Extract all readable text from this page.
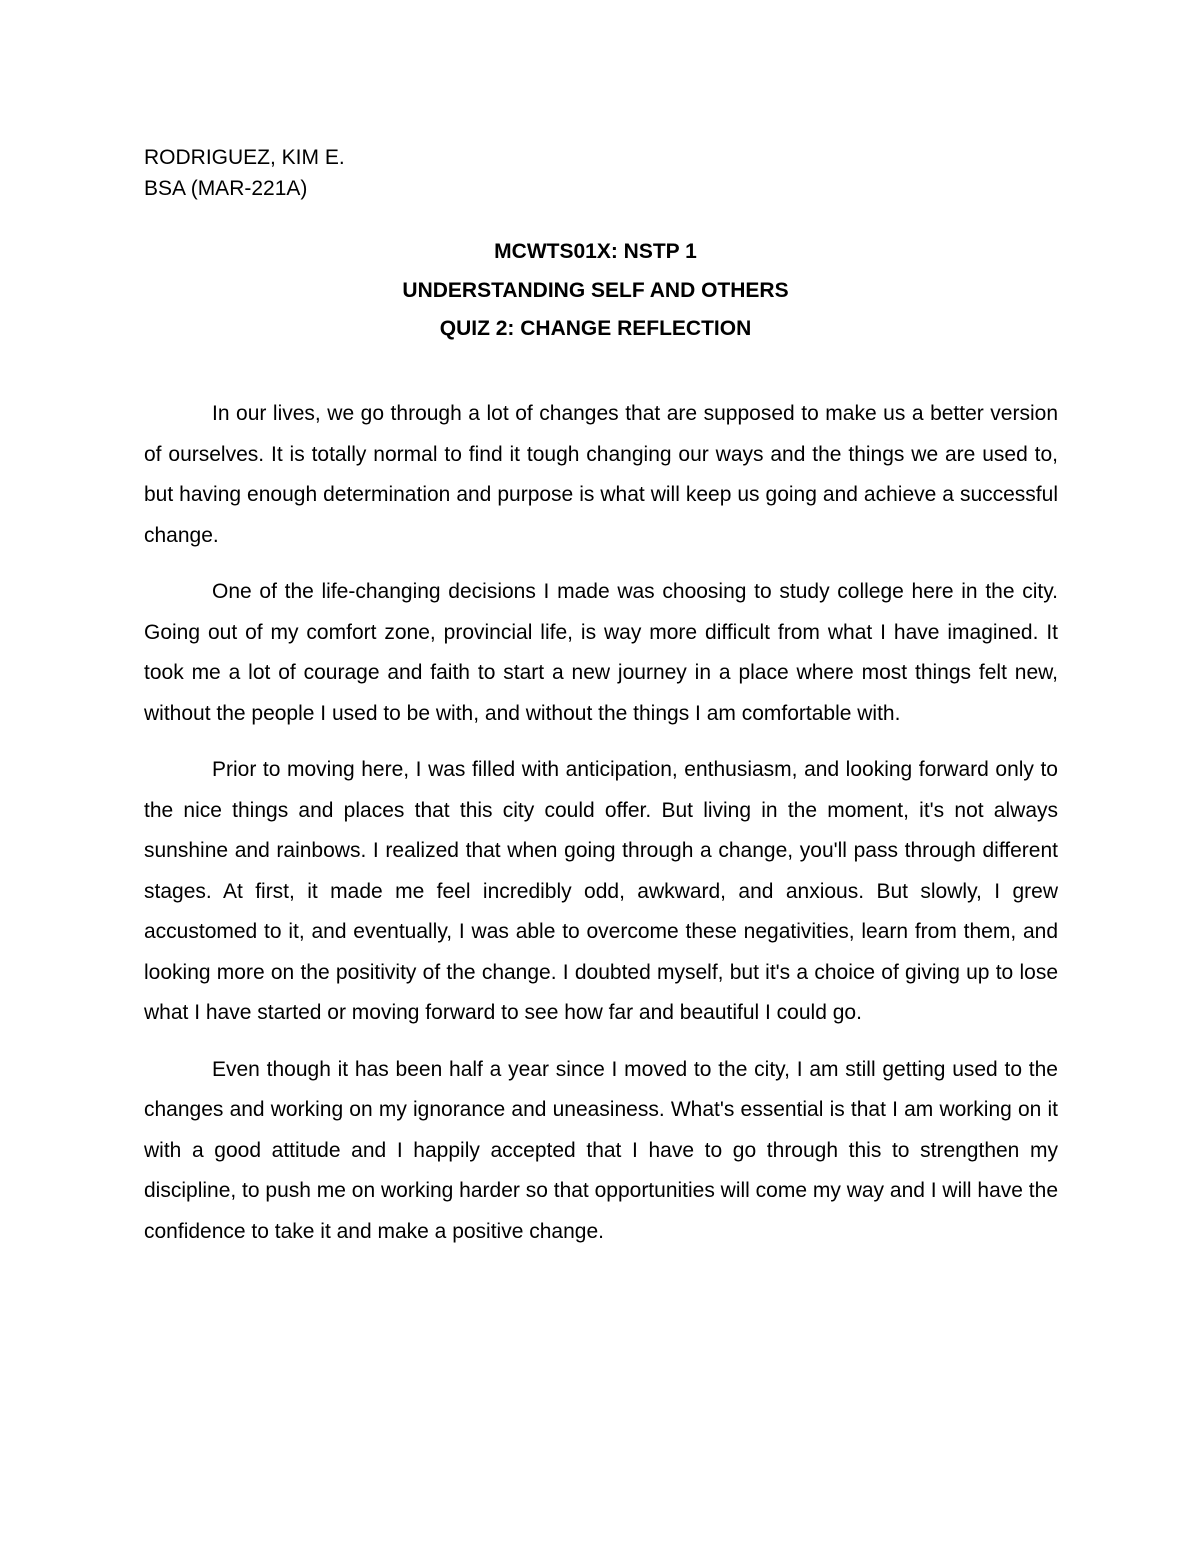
RODRIGUEZ, KIM E.
BSA (MAR-221A)
MCWTS01X: NSTP 1
UNDERSTANDING SELF AND OTHERS
QUIZ 2: CHANGE REFLECTION

In our lives, we go through a lot of changes that are supposed to make us a better version of ourselves. It is totally normal to find it tough changing our ways and the things we are used to, but having enough determination and purpose is what will keep us going and achieve a successful change.

One of the life-changing decisions I made was choosing to study college here in the city. Going out of my comfort zone, provincial life, is way more difficult from what I have imagined. It took me a lot of courage and faith to start a new journey in a place where most things felt new, without the people I used to be with, and without the things I am comfortable with.

Prior to moving here, I was filled with anticipation, enthusiasm, and looking forward only to the nice things and places that this city could offer. But living in the moment, it's not always sunshine and rainbows. I realized that when going through a change, you'll pass through different stages. At first, it made me feel incredibly odd, awkward, and anxious. But slowly, I grew accustomed to it, and eventually, I was able to overcome these negativities, learn from them, and looking more on the positivity of the change. I doubted myself, but it's a choice of giving up to lose what I have started or moving forward to see how far and beautiful I could go.

Even though it has been half a year since I moved to the city, I am still getting used to the changes and working on my ignorance and uneasiness. What's essential is that I am working on it with a good attitude and I happily accepted that I have to go through this to strengthen my discipline, to push me on working harder so that opportunities will come my way and I will have the confidence to take it and make a positive change.
